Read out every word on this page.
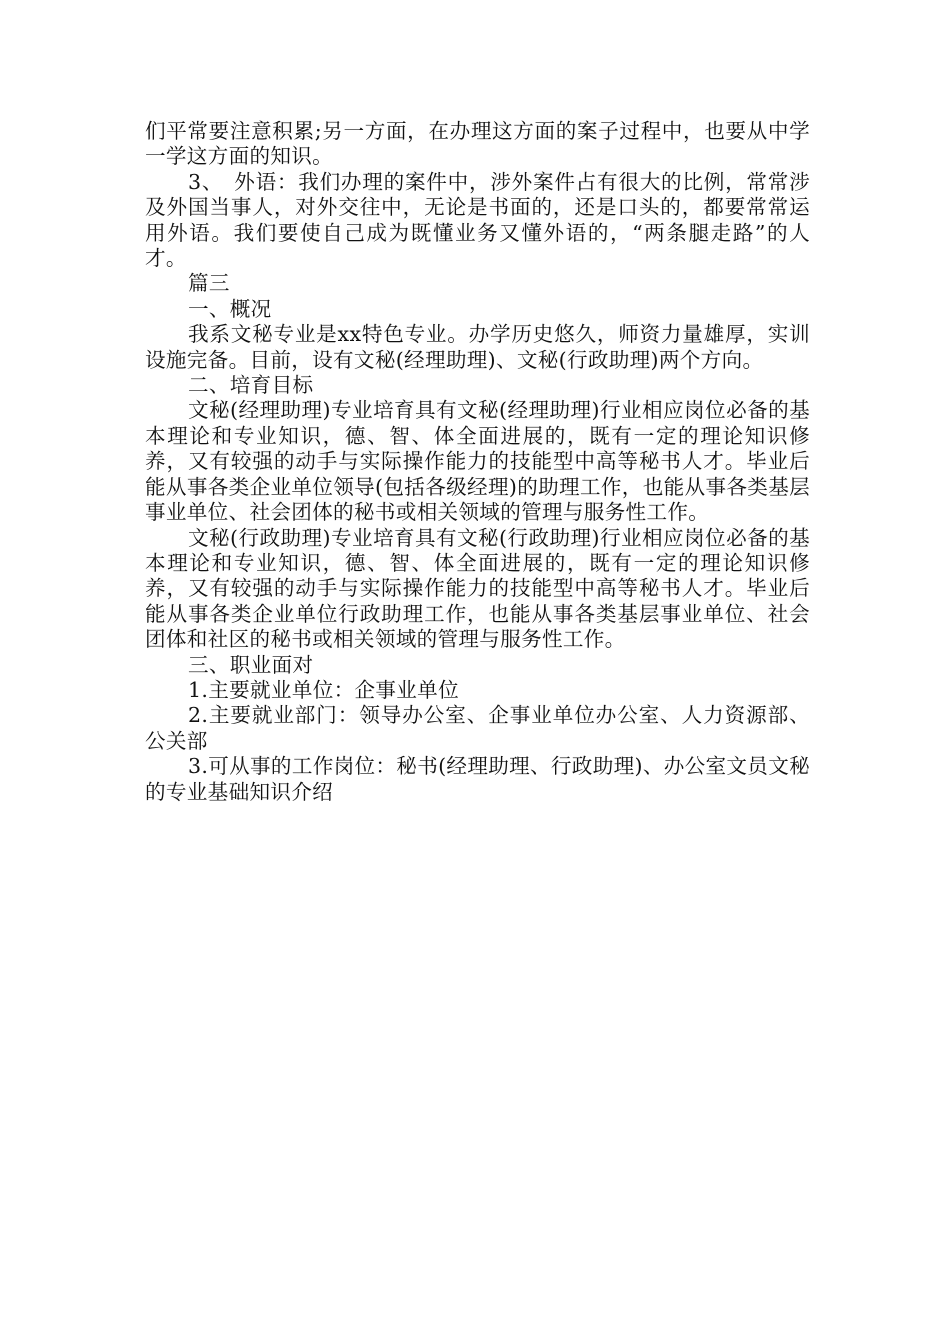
们平常要注意积累;另一方面，在办理这方面的案子过程中，也要从中学一学这方面的知识。

3、　外语：我们办理的案件中，涉外案件占有很大的比例，常常涉及外国当事人，对外交往中，无论是书面的，还是口头的，都要常常运用外语。我们要使自己成为既懂业务又懂外语的，“两条腿走路”的人才。

篇三

一、概况

我系文秘专业是xx特色专业。办学历史悠久，师资力量雄厚，实训设施完备。目前，设有文秘(经理助理)、文秘(行政助理)两个方向。

二、培育目标

文秘(经理助理)专业培育具有文秘(经理助理)行业相应岗位必备的基本理论和专业知识，德、智、体全面进展的，既有一定的理论知识修养，又有较强的动手与实际操作能力的技能型中高等秘书人才。毕业后能从事各类企业单位领导(包括各级经理)的助理工作，也能从事各类基层事业单位、社会团体的秘书或相关领域的管理与服务性工作。

文秘(行政助理)专业培育具有文秘(行政助理)行业相应岗位必备的基本理论和专业知识，德、智、体全面进展的，既有一定的理论知识修养，又有较强的动手与实际操作能力的技能型中高等秘书人才。毕业后能从事各类企业单位行政助理工作，也能从事各类基层事业单位、社会团体和社区的秘书或相关领域的管理与服务性工作。

三、职业面对

1.主要就业单位：企事业单位

2.主要就业部门：领导办公室、企事业单位办公室、人力资源部、公关部

3.可从事的工作岗位：秘书(经理助理、行政助理)、办公室文员文秘的专业基础知识介绍
